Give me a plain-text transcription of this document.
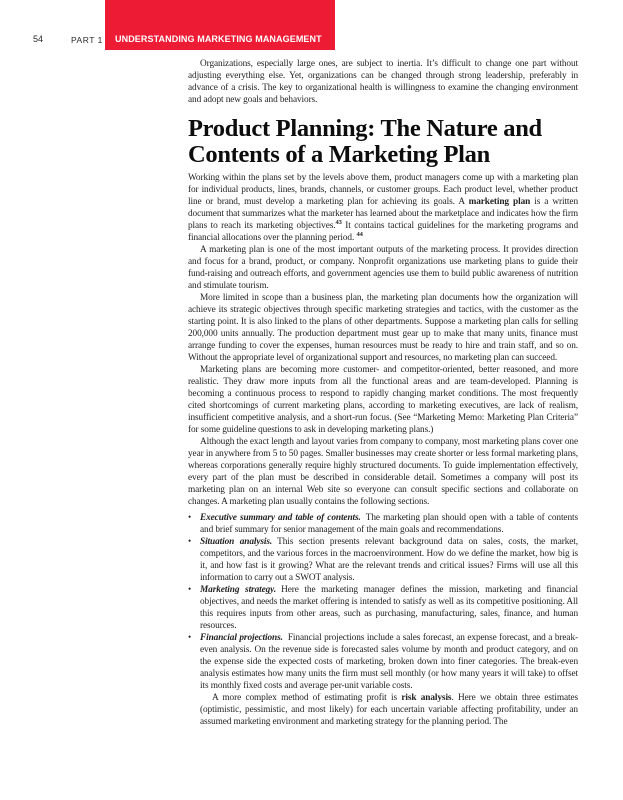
54	PART 1 UNDERSTANDING MARKETING MANAGEMENT

Organizations, especially large ones, are subject to inertia. It’s difficult to change one part without adjusting everything else. Yet, organizations can be changed through strong leadership, preferably in advance of a crisis. The key to organizational health is willingness to examine the changing environment and adopt new goals and behaviors.

Product Planning: The Nature and
Contents of a Marketing Plan

Working within the plans set by the levels above them, product managers come up with a marketing plan for individual products, lines, brands, channels, or customer groups. Each product level, whether product line or brand, must develop a marketing plan for achieving its goals. A marketing plan is a written document that summarizes what the marketer has learned about the marketplace and indicates how the firm plans to reach its marketing objectives.$^{43}$ It contains tactical guidelines for the marketing programs and financial allocations over the planning period. $^{44}$

A marketing plan is one of the most important outputs of the marketing process. It provides direction and focus for a brand, product, or company. Nonprofit organizations use marketing plans to guide their fund-raising and outreach efforts, and government agencies use them to build public awareness of nutrition and stimulate tourism.

More limited in scope than a business plan, the marketing plan documents how the organization will achieve its strategic objectives through specific marketing strategies and tactics, with the customer as the starting point. It is also linked to the plans of other departments. Suppose a marketing plan calls for selling 200,000 units annually. The production department must gear up to make that many units, finance must arrange funding to cover the expenses, human resources must be ready to hire and train staff, and so on. Without the appropriate level of organizational support and resources, no marketing plan can succeed.

Marketing plans are becoming more customer- and competitor-oriented, better reasoned, and more realistic. They draw more inputs from all the functional areas and are team-developed. Planning is becoming a continuous process to respond to rapidly changing market conditions. The most frequently cited shortcomings of current marketing plans, according to marketing executives, are lack of realism, insufficient competitive analysis, and a short-run focus. (See “Marketing Memo: Marketing Plan Criteria” for some guideline questions to ask in developing marketing plans.)

Although the exact length and layout varies from company to company, most marketing plans cover one year in anywhere from 5 to 50 pages. Smaller businesses may create shorter or less formal marketing plans, whereas corporations generally require highly structured documents. To guide implementation effectively, every part of the plan must be described in considerable detail. Sometimes a company will post its marketing plan on an internal Web site so everyone can consult specific sections and collaborate on changes. A marketing plan usually contains the following sections.

•
Executive summary and table of contents. The marketing plan should open with a table of contents and brief summary for senior management of the main goals and recommendations.
•
Situation analysis. This section presents relevant background data on sales, costs, the market, competitors, and the various forces in the macroenvironment. How do we define the market, how big is it, and how fast is it growing? What are the relevant trends and critical issues? Firms will use all this information to carry out a SWOT analysis.
•
Marketing strategy. Here the marketing manager defines the mission, marketing and financial objectives, and needs the market offering is intended to satisfy as well as its competitive positioning. All this requires inputs from other areas, such as purchasing, manufacturing, sales, finance, and human resources.
•
Financial projections. Financial projections include a sales forecast, an expense forecast, and a break-even analysis. On the revenue side is forecasted sales volume by month and product category, and on the expense side the expected costs of marketing, broken down into finer categories. The break-even analysis estimates how many units the firm must sell monthly (or how many years it will take) to offset its monthly fixed costs and average per-unit variable costs.

A more complex method of estimating profit is risk analysis. Here we obtain three estimates (optimistic, pessimistic, and most likely) for each uncertain variable affecting profitability, under an assumed marketing environment and marketing strategy for the planning period. The
